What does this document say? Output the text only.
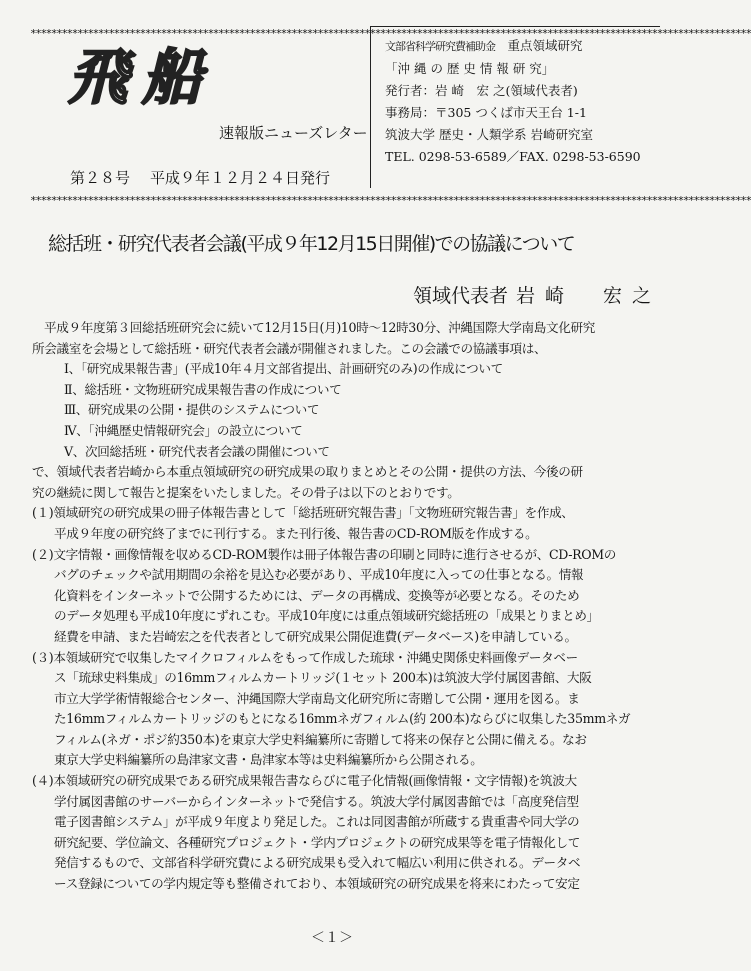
******************************************************************************************************************************************
飛船
速報版ニューズレター
第２８号 平成９年１２月２４日発行
文部省科学研究費補助金　 重点領域研究
「沖 縄 の 歴 史 情 報 研 究」
発行者：岩 崎　宏 之(領域代表者)
事務局：〒305 つくば市天王台 1-1
筑波大学 歴史・人類学系 岩崎研究室
TEL. 0298-53-6589／FAX. 0298-53-6590
******************************************************************************************************************************************
総括班・研究代表者会議(平成９年12月15日開催)での協議について
領域代表者 岩崎　宏之
平成９年度第３回総括班研究会に続いて12月15日(月)10時～12時30分、沖縄国際大学南島文化研究
所会議室を会場として総括班・研究代表者会議が開催されました。この会議での協議事項は、
Ⅰ、「研究成果報告書」(平成10年４月文部省提出、計画研究のみ)の作成について
Ⅱ、総括班・文物班研究成果報告書の作成について
Ⅲ、研究成果の公開・提供のシステムについて
Ⅳ、「沖縄歴史情報研究会」の設立について
Ⅴ、次回総括班・研究代表者会議の開催について
で、領域代表者岩崎から本重点領域研究の研究成果の取りまとめとその公開・提供の方法、今後の研
究の継続に関して報告と提案をいたしました。その骨子は以下のとおりです。
(１)領域研究の研究成果の冊子体報告書として「総括班研究報告書」「文物班研究報告書」を作成、
平成９年度の研究終了までに刊行する。また刊行後、報告書のCD-ROM版を作成する。
(２)文字情報・画像情報を収めるCD-ROM製作は冊子体報告書の印刷と同時に進行させるが、CD-ROMの
バグのチェックや試用期間の余裕を見込む必要があり、平成10年度に入っての仕事となる。情報
化資料をインターネットで公開するためには、データの再構成、変換等が必要となる。そのため
のデータ処理も平成10年度にずれこむ。平成10年度には重点領域研究総括班の「成果とりまとめ」
経費を申請、また岩崎宏之を代表者として研究成果公開促進費(データベース)を申請している。
(３)本領域研究で収集したマイクロフィルムをもって作成した琉球・沖縄史関係史料画像データベー
ス「琉球史料集成」の16mmフィルムカートリッジ(１セット 200本)は筑波大学付属図書館、大阪
市立大学学術情報総合センター、沖縄国際大学南島文化研究所に寄贈して公開・運用を図る。ま
た16mmフィルムカートリッジのもとになる16mmネガフィルム(約 200本)ならびに収集した35mmネガ
フィルム(ネガ・ポジ約350本)を東京大学史料編纂所に寄贈して将来の保存と公開に備える。なお
東京大学史料編纂所の島津家文書・島津家本等は史料編纂所から公開される。
(４)本領域研究の研究成果である研究成果報告書ならびに電子化情報(画像情報・文字情報)を筑波大
学付属図書館のサーバーからインターネットで発信する。筑波大学付属図書館では「高度発信型
電子図書館システム」が平成９年度より発足した。これは同図書館が所蔵する貴重書や同大学の
研究紀要、学位論文、各種研究プロジェクト・学内プロジェクトの研究成果等を電子情報化して
発信するもので、文部省科学研究費による研究成果も受入れて幅広い利用に供される。データベ
ース登録についての学内規定等も整備されており、本領域研究の研究成果を将来にわたって安定
＜１＞
